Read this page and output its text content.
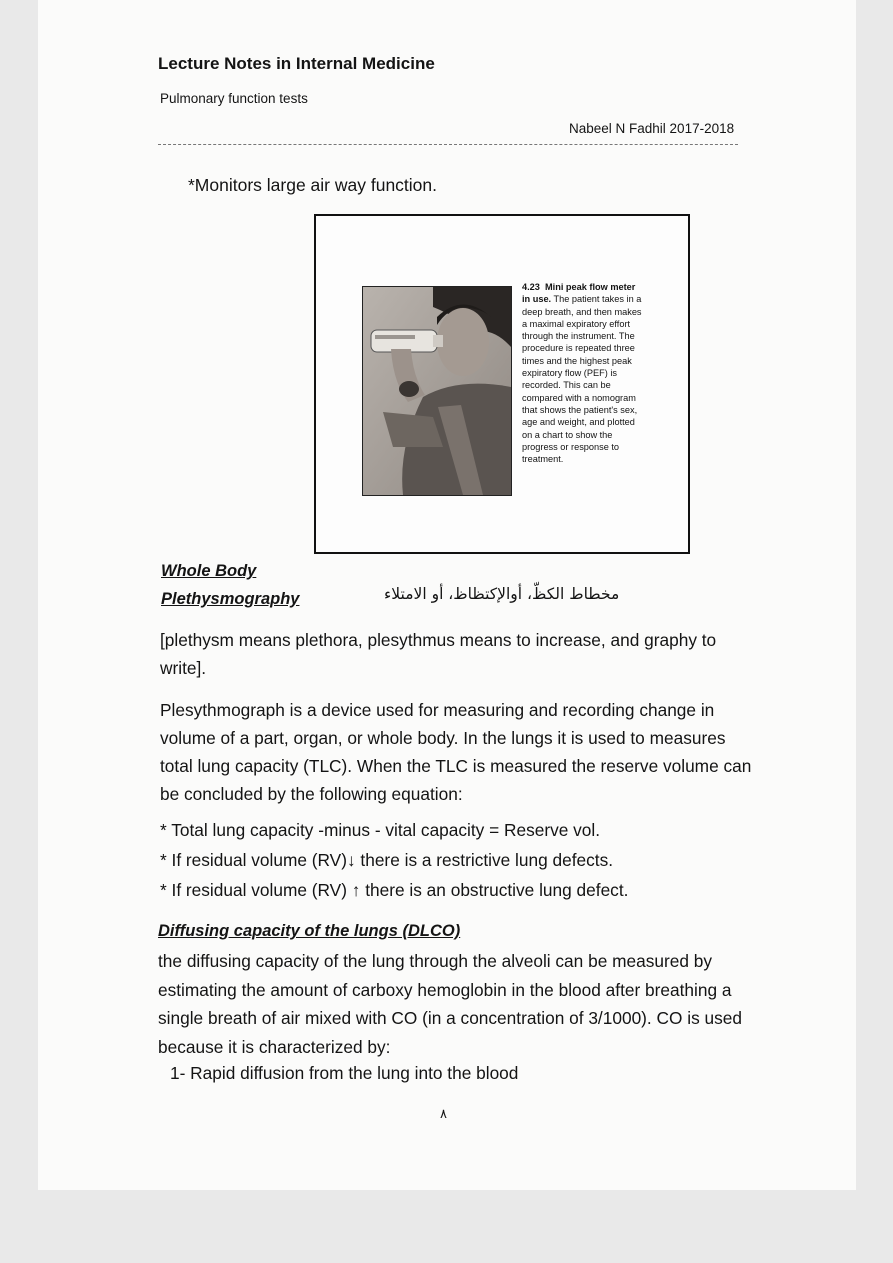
Lecture Notes in Internal Medicine
Pulmonary function tests
Nabeel N Fadhil 2017-2018
*Monitors large air way function.
4.23 Mini peak flow meter in use. The patient takes in a deep breath, and then makes a maximal expiratory effort through the instrument. The procedure is repeated three times and the highest peak expiratory flow (PEF) is recorded. This can be compared with a nomogram that shows the patient's sex, age and weight, and plotted on a chart to show the progress or response to treatment.
Whole Body
Plethysmography	مخطاط الكظّ، أوالإكتظاظ، أو الامتلاء
[plethysm means plethora, plesythmus means to increase, and graphy to write].
Plesythmograph is a device used for measuring and recording change in volume of a part, organ, or whole body. In the lungs it is used to measures total lung capacity (TLC). When the TLC is measured the reserve volume can be concluded by the following equation:
* Total lung capacity -minus - vital capacity = Reserve vol.
* If residual volume (RV)↓ there is a restrictive lung defects.
* If residual volume (RV) ↑ there is an obstructive lung defect.
Diffusing capacity of the lungs (DLCO)
the diffusing capacity of the lung through the alveoli can be measured by estimating the amount of carboxy hemoglobin in the blood after breathing a single breath of air mixed with CO (in a concentration of 3/1000). CO is used because it is characterized by:
1- Rapid diffusion from the lung into the blood
٨
